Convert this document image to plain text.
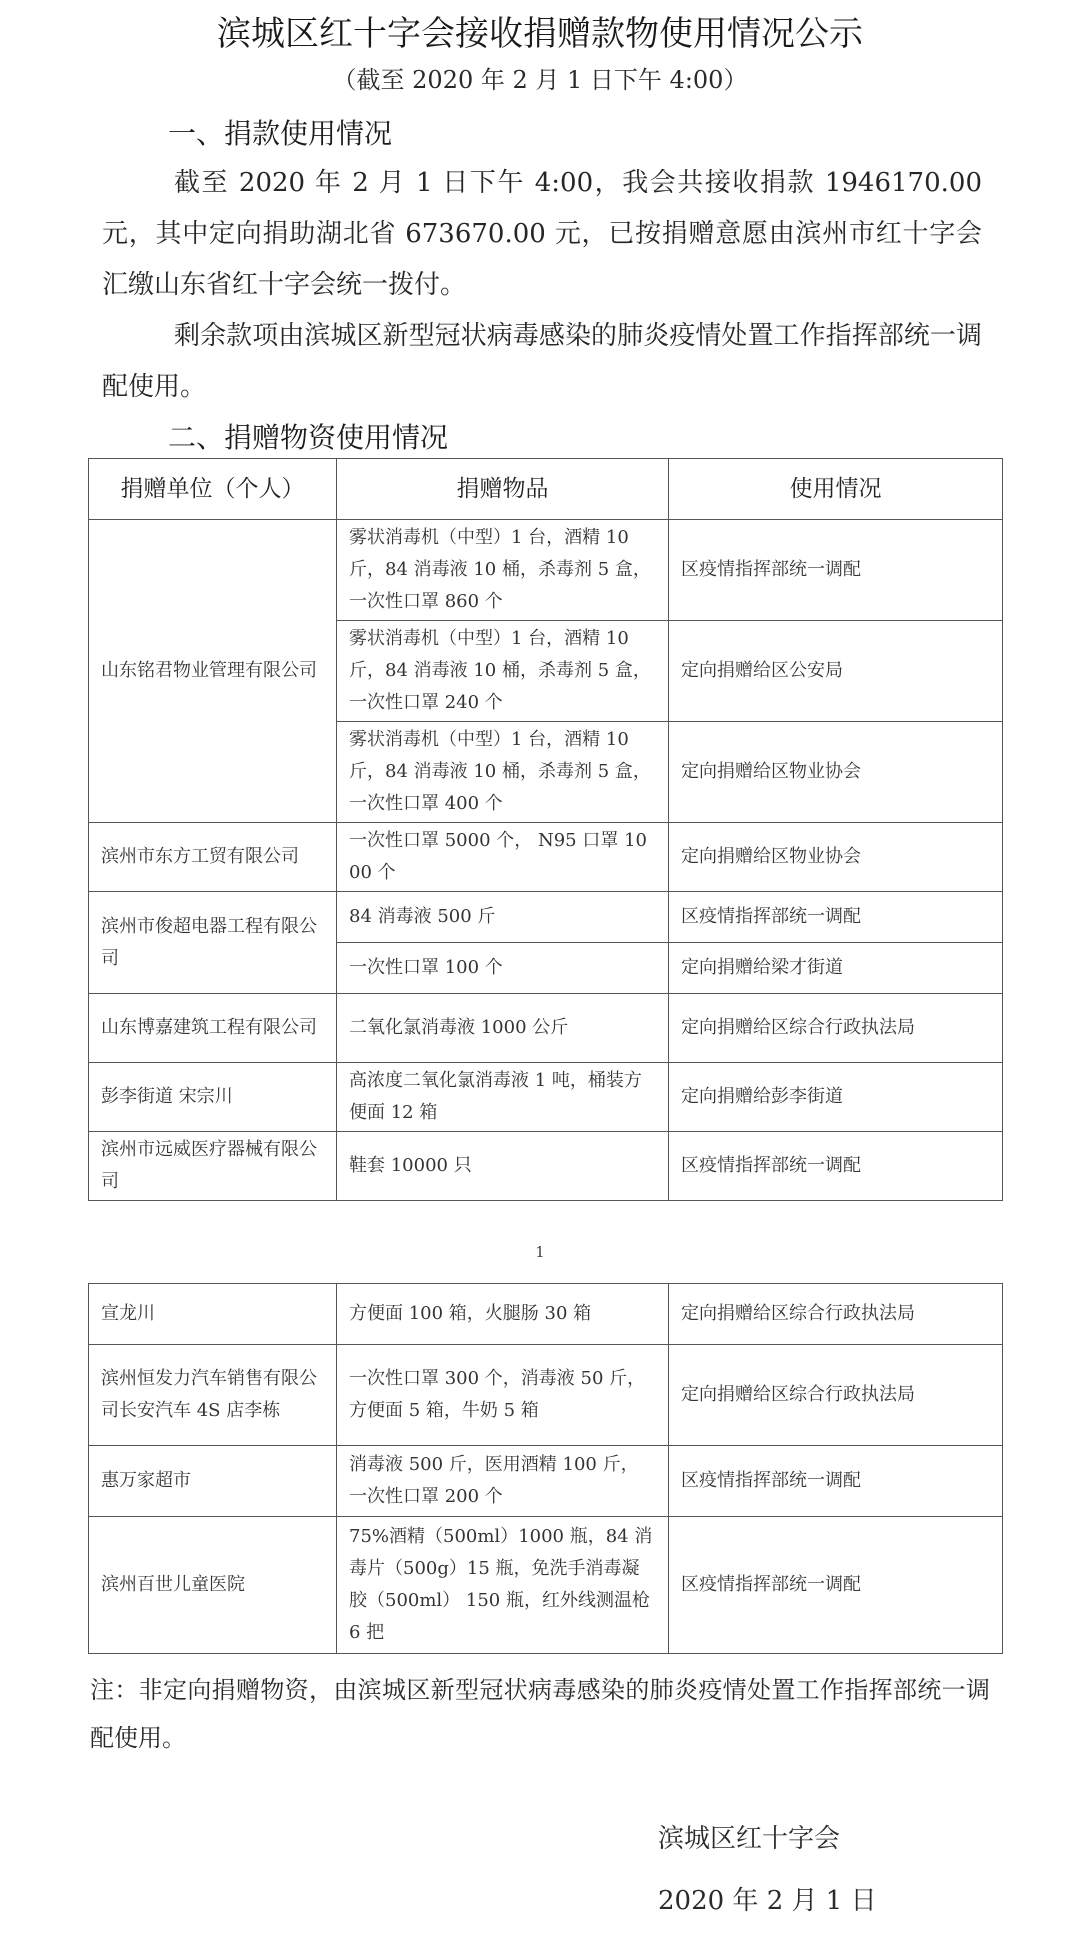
滨城区红十字会接收捐赠款物使用情况公示
（截至 2020 年 2 月 1 日下午 4:00）
一、捐款使用情况
截至 2020 年 2 月 1 日下午 4:00，我会共接收捐款 1946170.00 元，其中定向捐助湖北省 673670.00 元，已按捐赠意愿由滨州市红十字会汇缴山东省红十字会统一拨付。
剩余款项由滨城区新型冠状病毒感染的肺炎疫情处置工作指挥部统一调配使用。
二、捐赠物资使用情况
捐赠单位（个人）	捐赠物品	使用情况
山东铭君物业管理有限公司	雾状消毒机（中型）1 台，酒精 10 斤，84 消毒液 10 桶，杀毒剂 5 盒，一次性口罩 860 个	区疫情指挥部统一调配
	雾状消毒机（中型）1 台，酒精 10 斤，84 消毒液 10 桶，杀毒剂 5 盒，一次性口罩 240 个	定向捐赠给区公安局
	雾状消毒机（中型）1 台，酒精 10 斤，84 消毒液 10 桶，杀毒剂 5 盒，一次性口罩 400 个	定向捐赠给区物业协会
滨州市东方工贸有限公司	一次性口罩 5000 个， N95 口罩 1000 个	定向捐赠给区物业协会
滨州市俊超电器工程有限公司	84 消毒液 500 斤	区疫情指挥部统一调配
	一次性口罩 100 个	定向捐赠给梁才街道
山东博嘉建筑工程有限公司	二氧化氯消毒液 1000 公斤	定向捐赠给区综合行政执法局
彭李街道 宋宗川	高浓度二氧化氯消毒液 1 吨，桶装方便面 12 箱	定向捐赠给彭李街道
滨州市远威医疗器械有限公司	鞋套 10000 只	区疫情指挥部统一调配
1
宣龙川	方便面 100 箱，火腿肠 30 箱	定向捐赠给区综合行政执法局
滨州恒发力汽车销售有限公司长安汽车 4S 店李栋	一次性口罩 300 个，消毒液 50 斤，方便面 5 箱，牛奶 5 箱	定向捐赠给区综合行政执法局
惠万家超市	消毒液 500 斤，医用酒精 100 斤，一次性口罩 200 个	区疫情指挥部统一调配
滨州百世儿童医院	75%酒精（500ml）1000 瓶，84 消毒片（500g）15 瓶，免洗手消毒凝胶（500ml） 150 瓶，红外线测温枪 6 把	区疫情指挥部统一调配
注：非定向捐赠物资，由滨城区新型冠状病毒感染的肺炎疫情处置工作指挥部统一调配使用。
滨城区红十字会
2020 年 2 月 1 日
